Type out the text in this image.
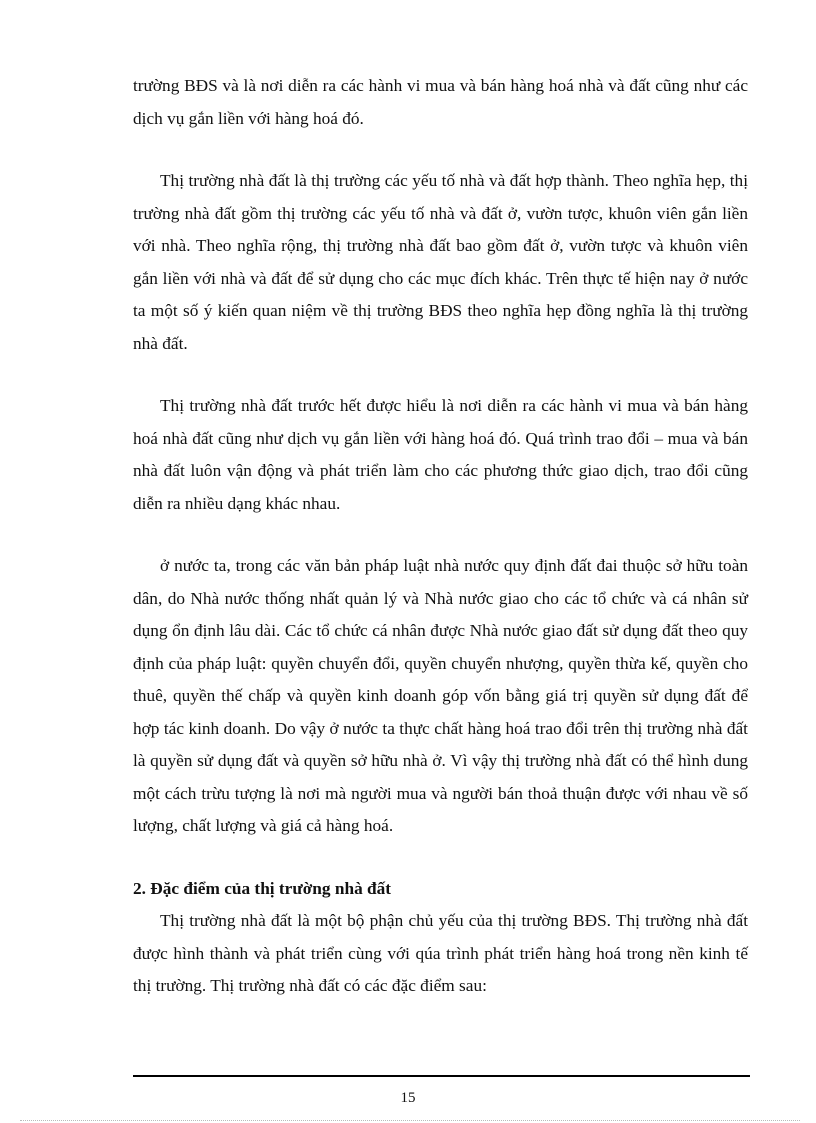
trường BĐS và là nơi diễn ra các hành vi mua và bán hàng hoá nhà và đất cũng như các dịch vụ gắn liền với hàng hoá đó.

Thị trường nhà đất là thị trường các yếu tố nhà và đất hợp thành. Theo nghĩa hẹp, thị trường nhà đất gồm thị trường các yếu tố nhà và đất ở, vườn tược, khuôn viên gắn liền với nhà. Theo nghĩa rộng, thị trường nhà đất bao gồm đất ở, vườn tược và khuôn viên gắn liền với nhà và đất để sử dụng cho các mục đích khác. Trên thực tế hiện nay ở nước ta một số ý kiến quan niệm về thị trường BĐS theo nghĩa hẹp đồng nghĩa là thị trường nhà đất.

Thị trường nhà đất trước hết được hiểu là nơi diễn ra các hành vi mua và bán hàng hoá nhà đất cũng như dịch vụ gắn liền với hàng hoá đó. Quá trình trao đổi – mua và bán nhà đất luôn vận động và phát triển làm cho các phương thức giao dịch, trao đổi cũng diễn ra nhiều dạng khác nhau.

ở nước ta, trong các văn bản pháp luật nhà nước quy định đất đai thuộc sở hữu toàn dân, do Nhà nước thống nhất quản lý và Nhà nước giao cho các tổ chức và cá nhân sử dụng ổn định lâu dài. Các tổ chức cá nhân được Nhà nước giao đất sử dụng đất theo quy định của pháp luật: quyền chuyển đổi, quyền chuyển nhượng, quyền thừa kế, quyền cho thuê, quyền thế chấp và quyền kinh doanh góp vốn bằng giá trị quyền sử dụng đất để hợp tác kinh doanh. Do vậy ở nước ta thực chất hàng hoá trao đổi trên thị trường nhà đất là quyền sử dụng đất và quyền sở hữu nhà ở. Vì vậy thị trường nhà đất có thể hình dung một cách trừu tượng là nơi mà người mua và người bán thoả thuận được với nhau về số lượng, chất lượng và giá cả hàng hoá.

2. Đặc điểm của thị trường nhà đất

Thị trường nhà đất là một bộ phận chủ yếu của thị trường BĐS. Thị trường nhà đất được hình thành và phát triển cùng với qúa trình phát triển hàng hoá trong nền kinh tế thị trường. Thị trường nhà đất có các đặc điểm sau:

15
